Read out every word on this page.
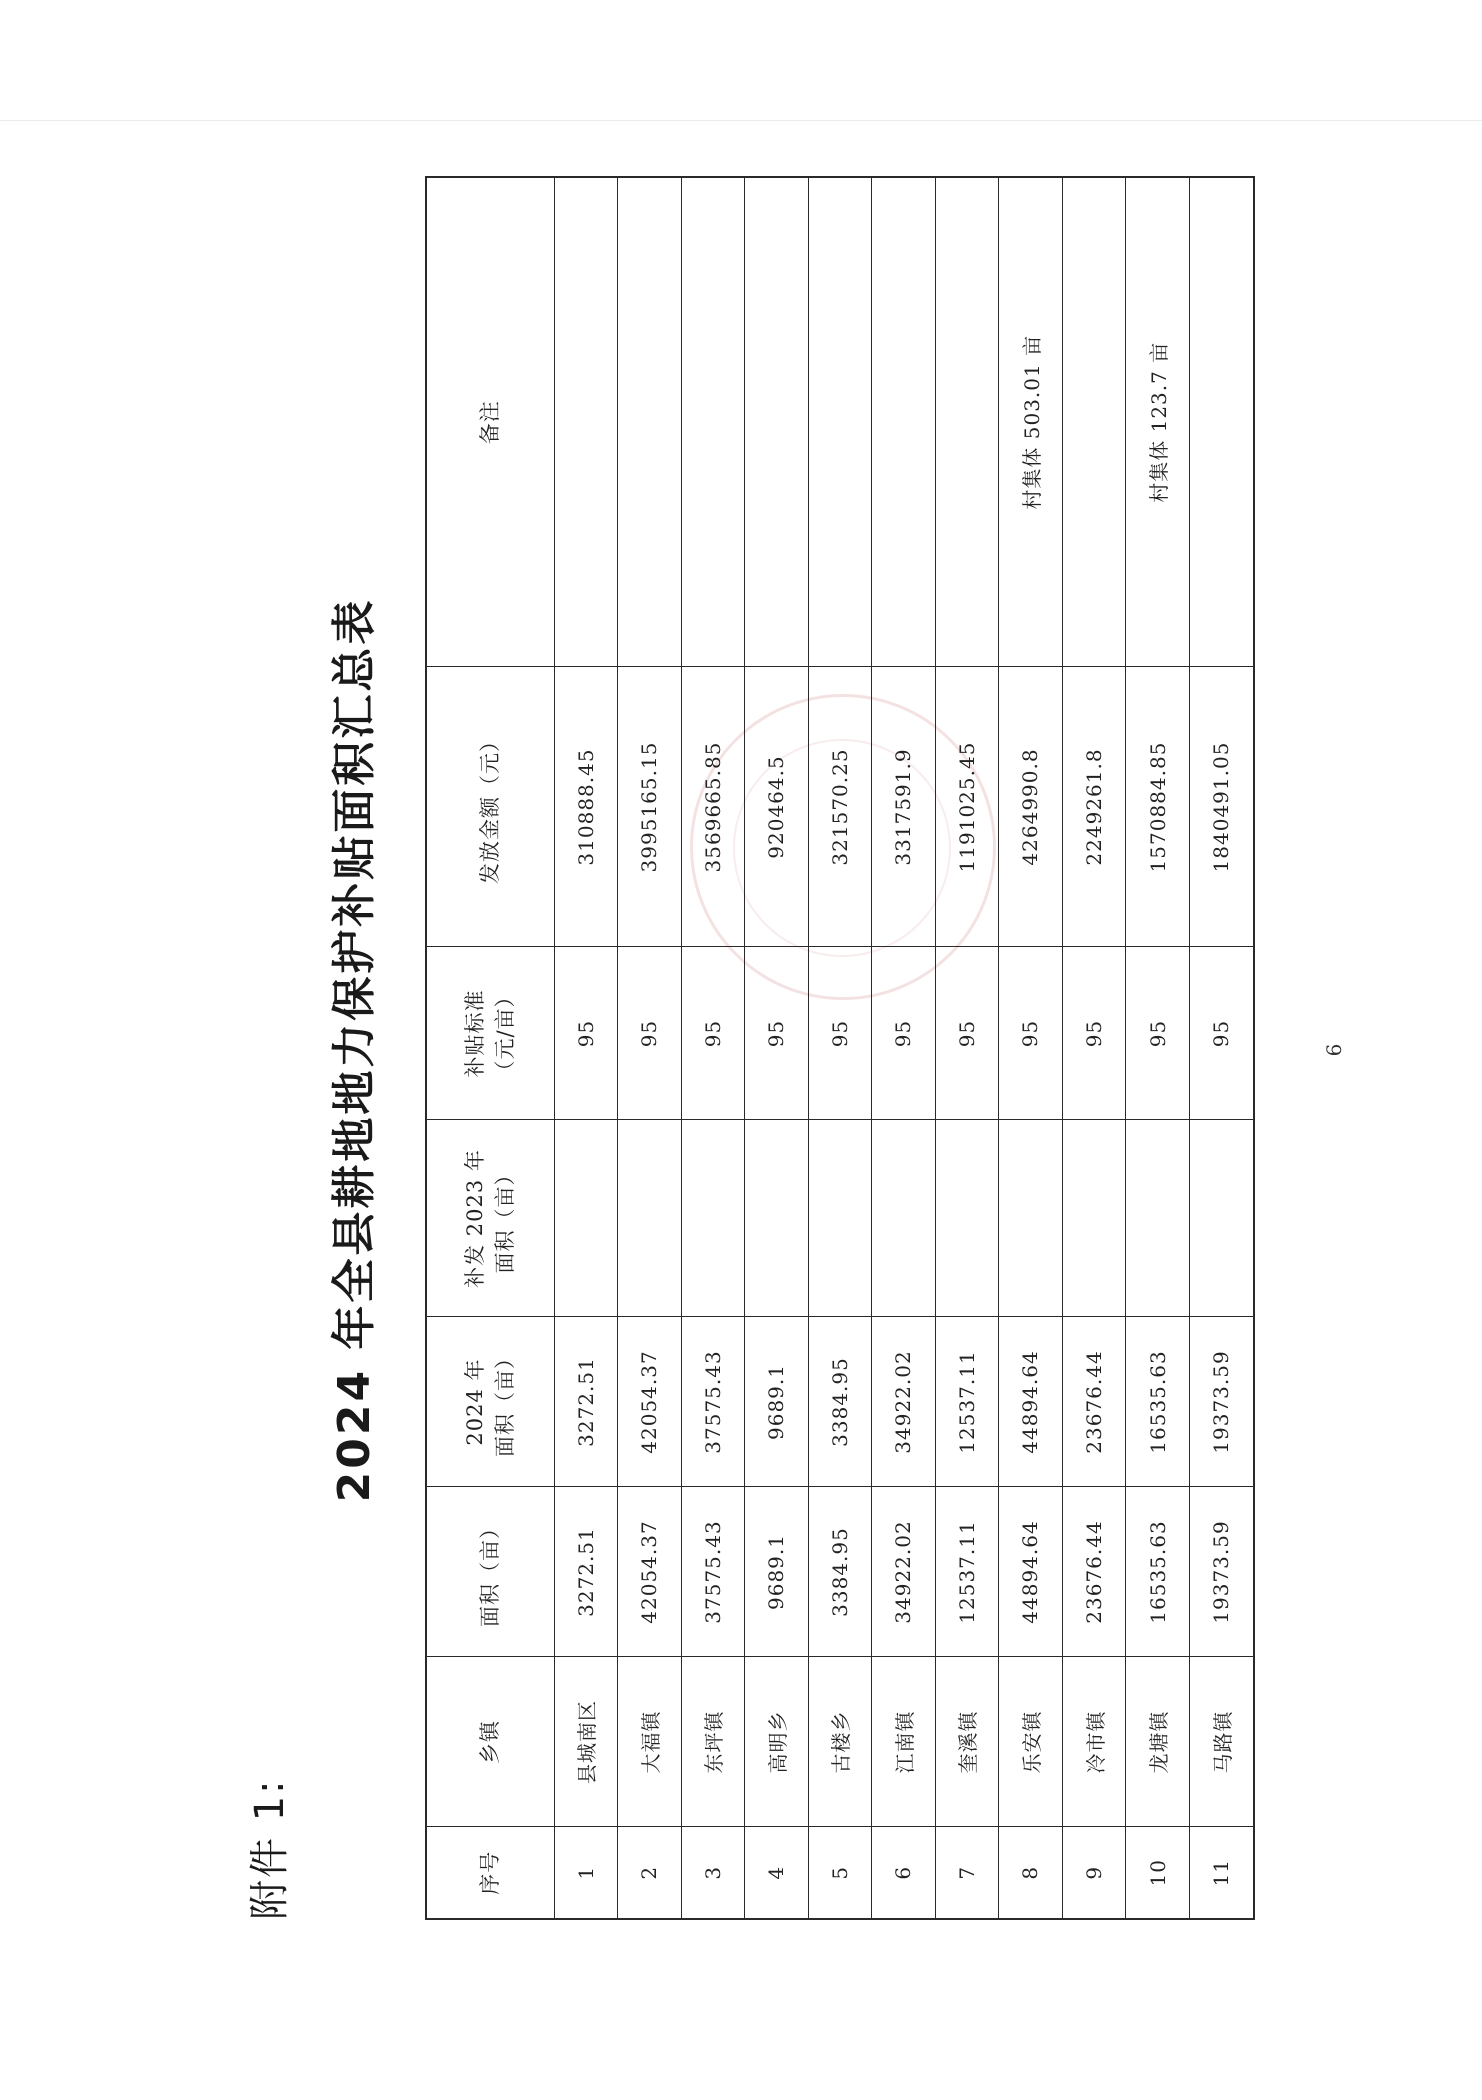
附件 1:
2024 年全县耕地地力保护补贴面积汇总表
序号	乡镇	面积（亩）	2024 年 面积（亩）	补发 2023 年 面积（亩）	补贴标准 （元/亩）	发放金额（元）	备注
1	县城南区	3272.51	3272.51		95	310888.45	
2	大福镇	42054.37	42054.37		95	3995165.15	
3	东坪镇	37575.43	37575.43		95	3569665.85	
4	高明乡	9689.1	9689.1		95	920464.5	
5	古楼乡	3384.95	3384.95		95	321570.25	
6	江南镇	34922.02	34922.02		95	3317591.9	
7	奎溪镇	12537.11	12537.11		95	1191025.45	
8	乐安镇	44894.64	44894.64		95	4264990.8	村集体 503.01 亩
9	冷市镇	23676.44	23676.44		95	2249261.8	
10	龙塘镇	16535.63	16535.63		95	1570884.85	村集体 123.7 亩
11	马路镇	19373.59	19373.59		95	1840491.05	
6
